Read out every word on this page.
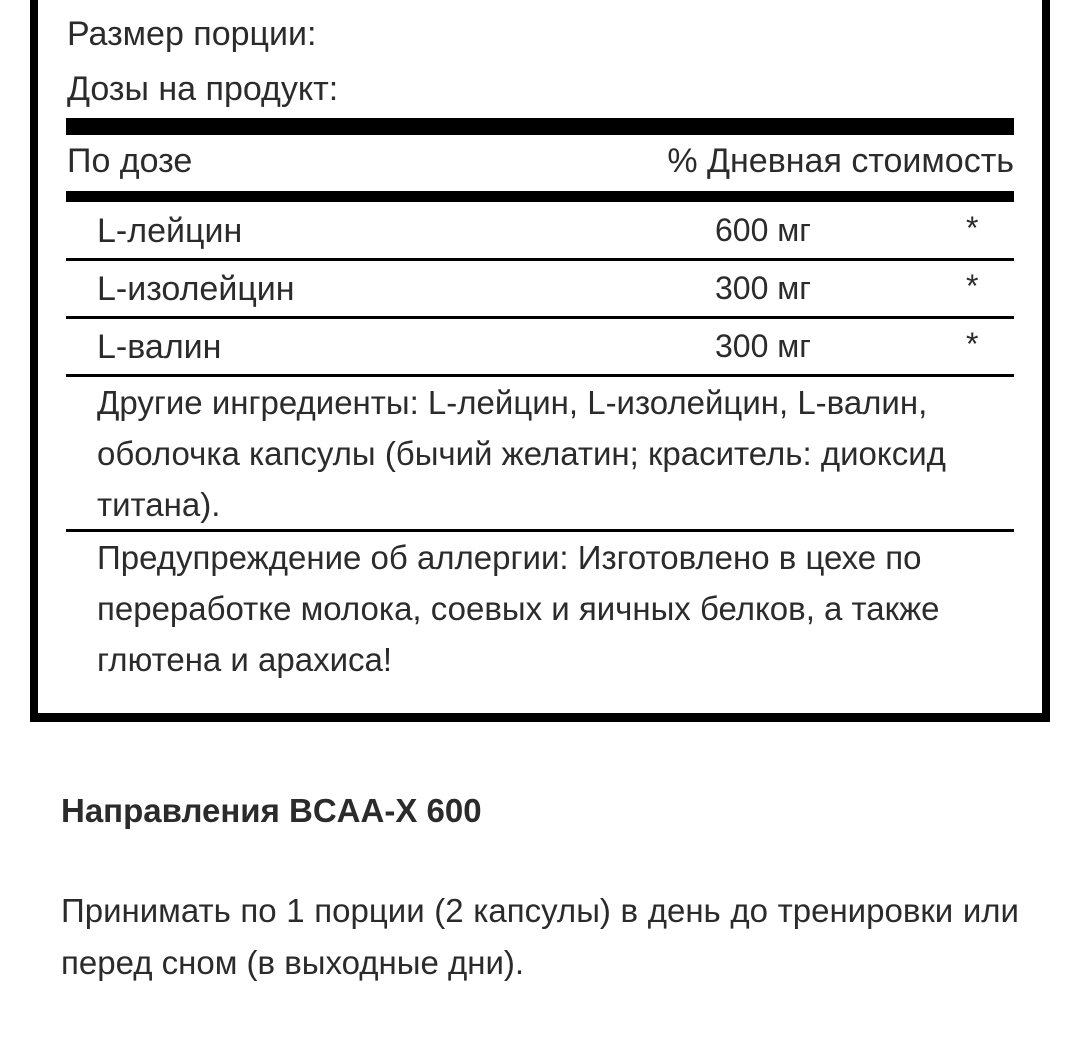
Размер порции:
Дозы на продукт:
По дозе	% Дневная стоимость
L-лейцин	600 мг	*
L-изолейцин	300 мг	*
L-валин	300 мг	*
Другие ингредиенты: L-лейцин, L-изолейцин, L-валин, оболочка капсулы (бычий желатин; краситель: диоксид титана).
Предупреждение об аллергии: Изготовлено в цехе по переработке молока, соевых и яичных белков, а также глютена и арахиса!
Направления BCAA-X 600

Принимать по 1 порции (2 капсулы) в день до тренировки или перед сном (в выходные дни).
